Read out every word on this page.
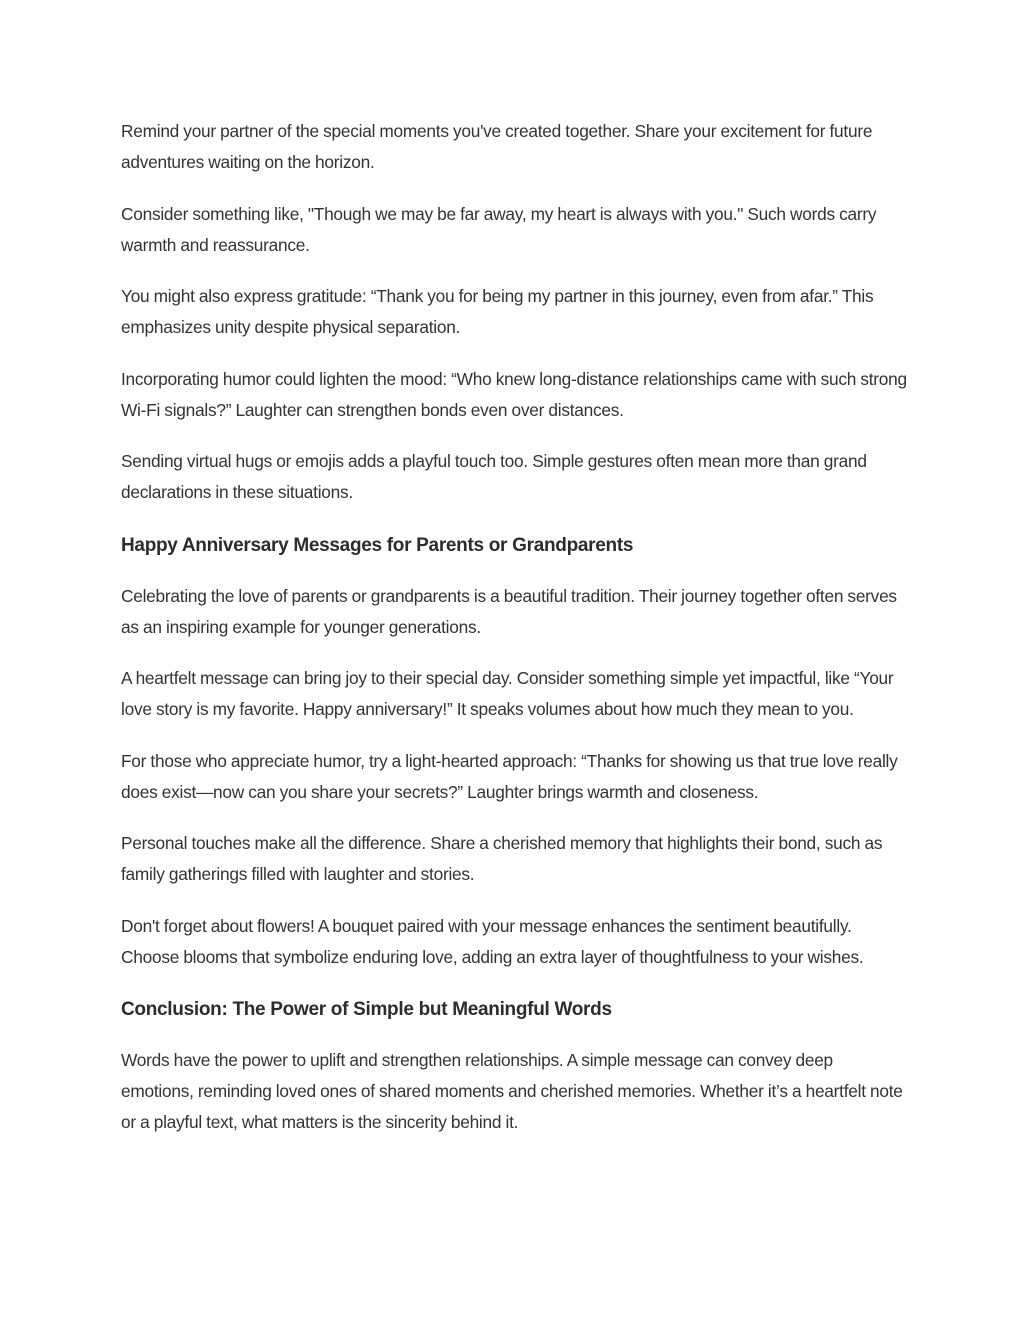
Remind your partner of the special moments you've created together. Share your excitement for future adventures waiting on the horizon.

Consider something like, "Though we may be far away, my heart is always with you." Such words carry warmth and reassurance.

You might also express gratitude: “Thank you for being my partner in this journey, even from afar.” This emphasizes unity despite physical separation.

Incorporating humor could lighten the mood: “Who knew long-distance relationships came with such strong Wi-Fi signals?” Laughter can strengthen bonds even over distances.

Sending virtual hugs or emojis adds a playful touch too. Simple gestures often mean more than grand declarations in these situations.

Happy Anniversary Messages for Parents or Grandparents

Celebrating the love of parents or grandparents is a beautiful tradition. Their journey together often serves as an inspiring example for younger generations.

A heartfelt message can bring joy to their special day. Consider something simple yet impactful, like “Your love story is my favorite. Happy anniversary!” It speaks volumes about how much they mean to you.

For those who appreciate humor, try a light-hearted approach: “Thanks for showing us that true love really does exist—now can you share your secrets?” Laughter brings warmth and closeness.

Personal touches make all the difference. Share a cherished memory that highlights their bond, such as family gatherings filled with laughter and stories.

Don't forget about flowers! A bouquet paired with your message enhances the sentiment beautifully. Choose blooms that symbolize enduring love, adding an extra layer of thoughtfulness to your wishes.

Conclusion: The Power of Simple but Meaningful Words

Words have the power to uplift and strengthen relationships. A simple message can convey deep emotions, reminding loved ones of shared moments and cherished memories. Whether it’s a heartfelt note or a playful text, what matters is the sincerity behind it.
